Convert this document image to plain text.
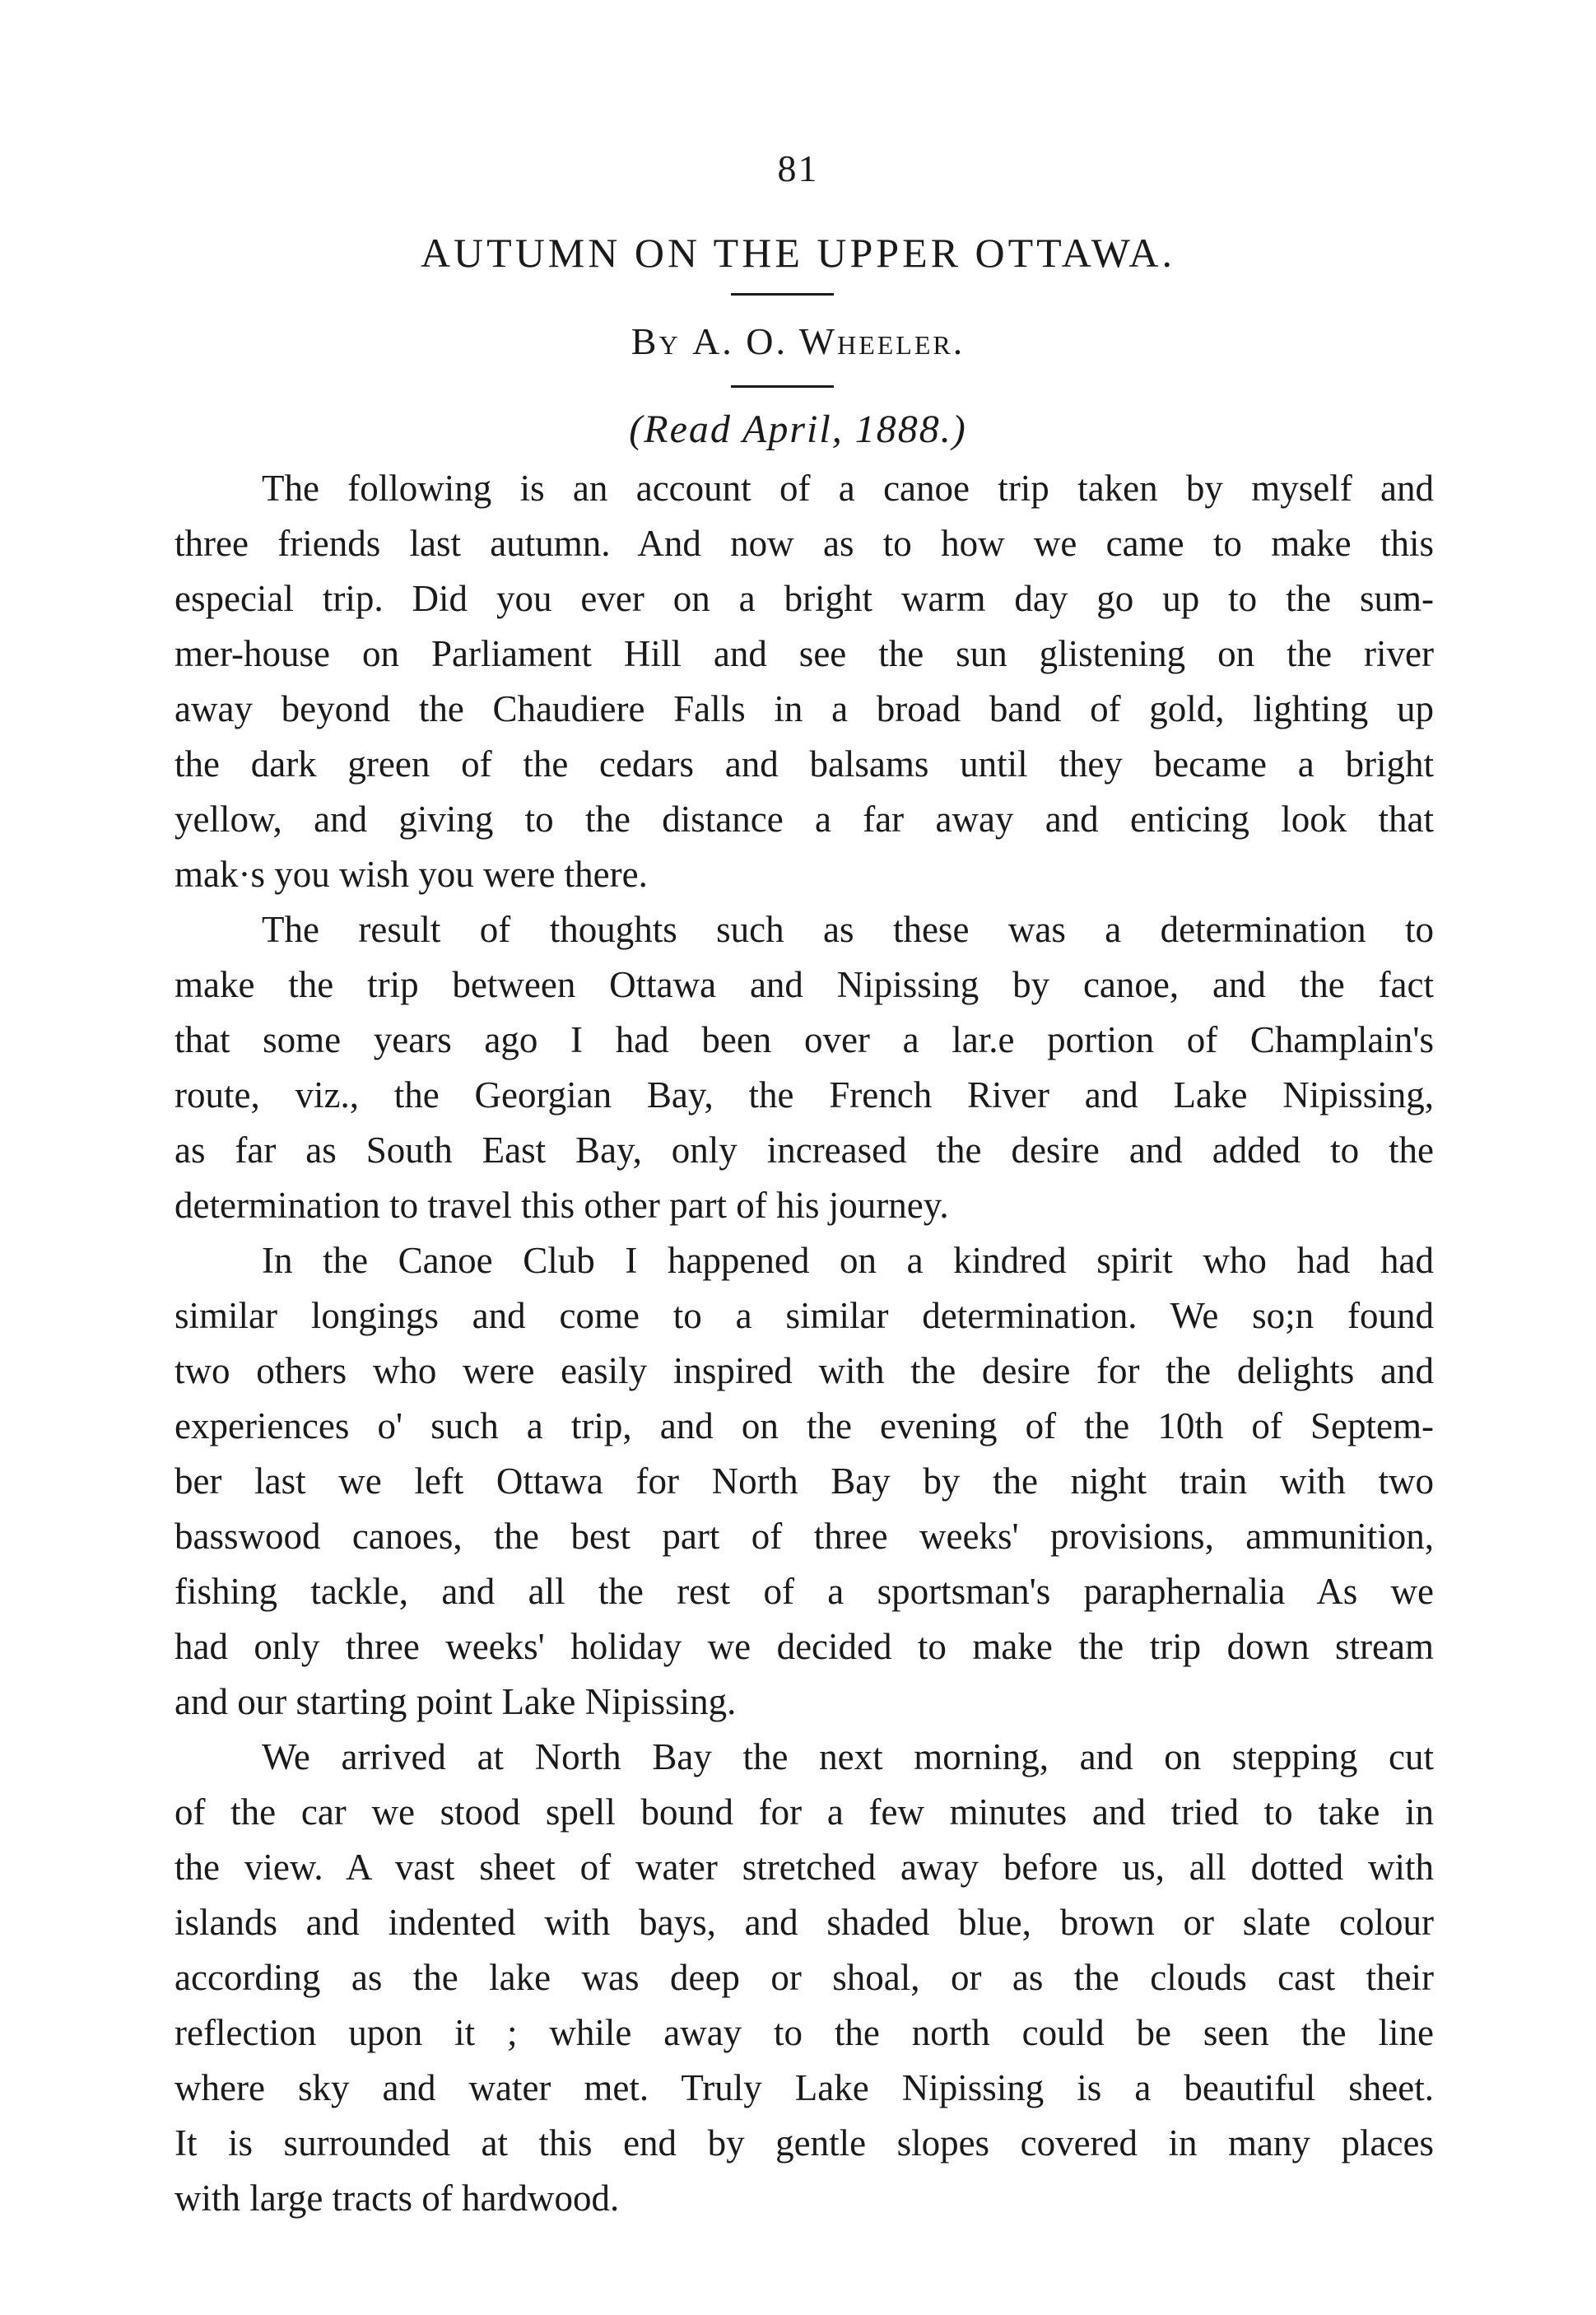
81
AUTUMN ON THE UPPER OTTAWA.
By A. O. Wheeler.
(Read April, 1888.)
The following is an account of a canoe trip taken by myself and
three friends last autumn. And now as to how we came to make this
especial trip. Did you ever on a bright warm day go up to the sum-
mer-house on Parliament Hill and see the sun glistening on the river
away beyond the Chaudiere Falls in a broad band of gold, lighting up
the dark green of the cedars and balsams until they became a bright
yellow, and giving to the distance a far away and enticing look that
mak·s you wish you were there.
The result of thoughts such as these was a determination to
make the trip between Ottawa and Nipissing by canoe, and the fact
that some years ago I had been over a lar.e portion of Champlain's
route, viz., the Georgian Bay, the French River and Lake Nipissing,
as far as South East Bay, only increased the desire and added to the
determination to travel this other part of his journey.
In the Canoe Club I happened on a kindred spirit who had had
similar longings and come to a similar determination. We so;n found
two others who were easily inspired with the desire for the delights and
experiences o' such a trip, and on the evening of the 10th of Septem-
ber last we left Ottawa for North Bay by the night train with two
basswood canoes, the best part of three weeks' provisions, ammunition,
fishing tackle, and all the rest of a sportsman's paraphernalia As we
had only three weeks' holiday we decided to make the trip down stream
and our starting point Lake Nipissing.
We arrived at North Bay the next morning, and on stepping cut
of the car we stood spell bound for a few minutes and tried to take in
the view. A vast sheet of water stretched away before us, all dotted with
islands and indented with bays, and shaded blue, brown or slate colour
according as the lake was deep or shoal, or as the clouds cast their
reflection upon it ; while away to the north could be seen the line
where sky and water met. Truly Lake Nipissing is a beautiful sheet.
It is surrounded at this end by gentle slopes covered in many places
with large tracts of hardwood.
